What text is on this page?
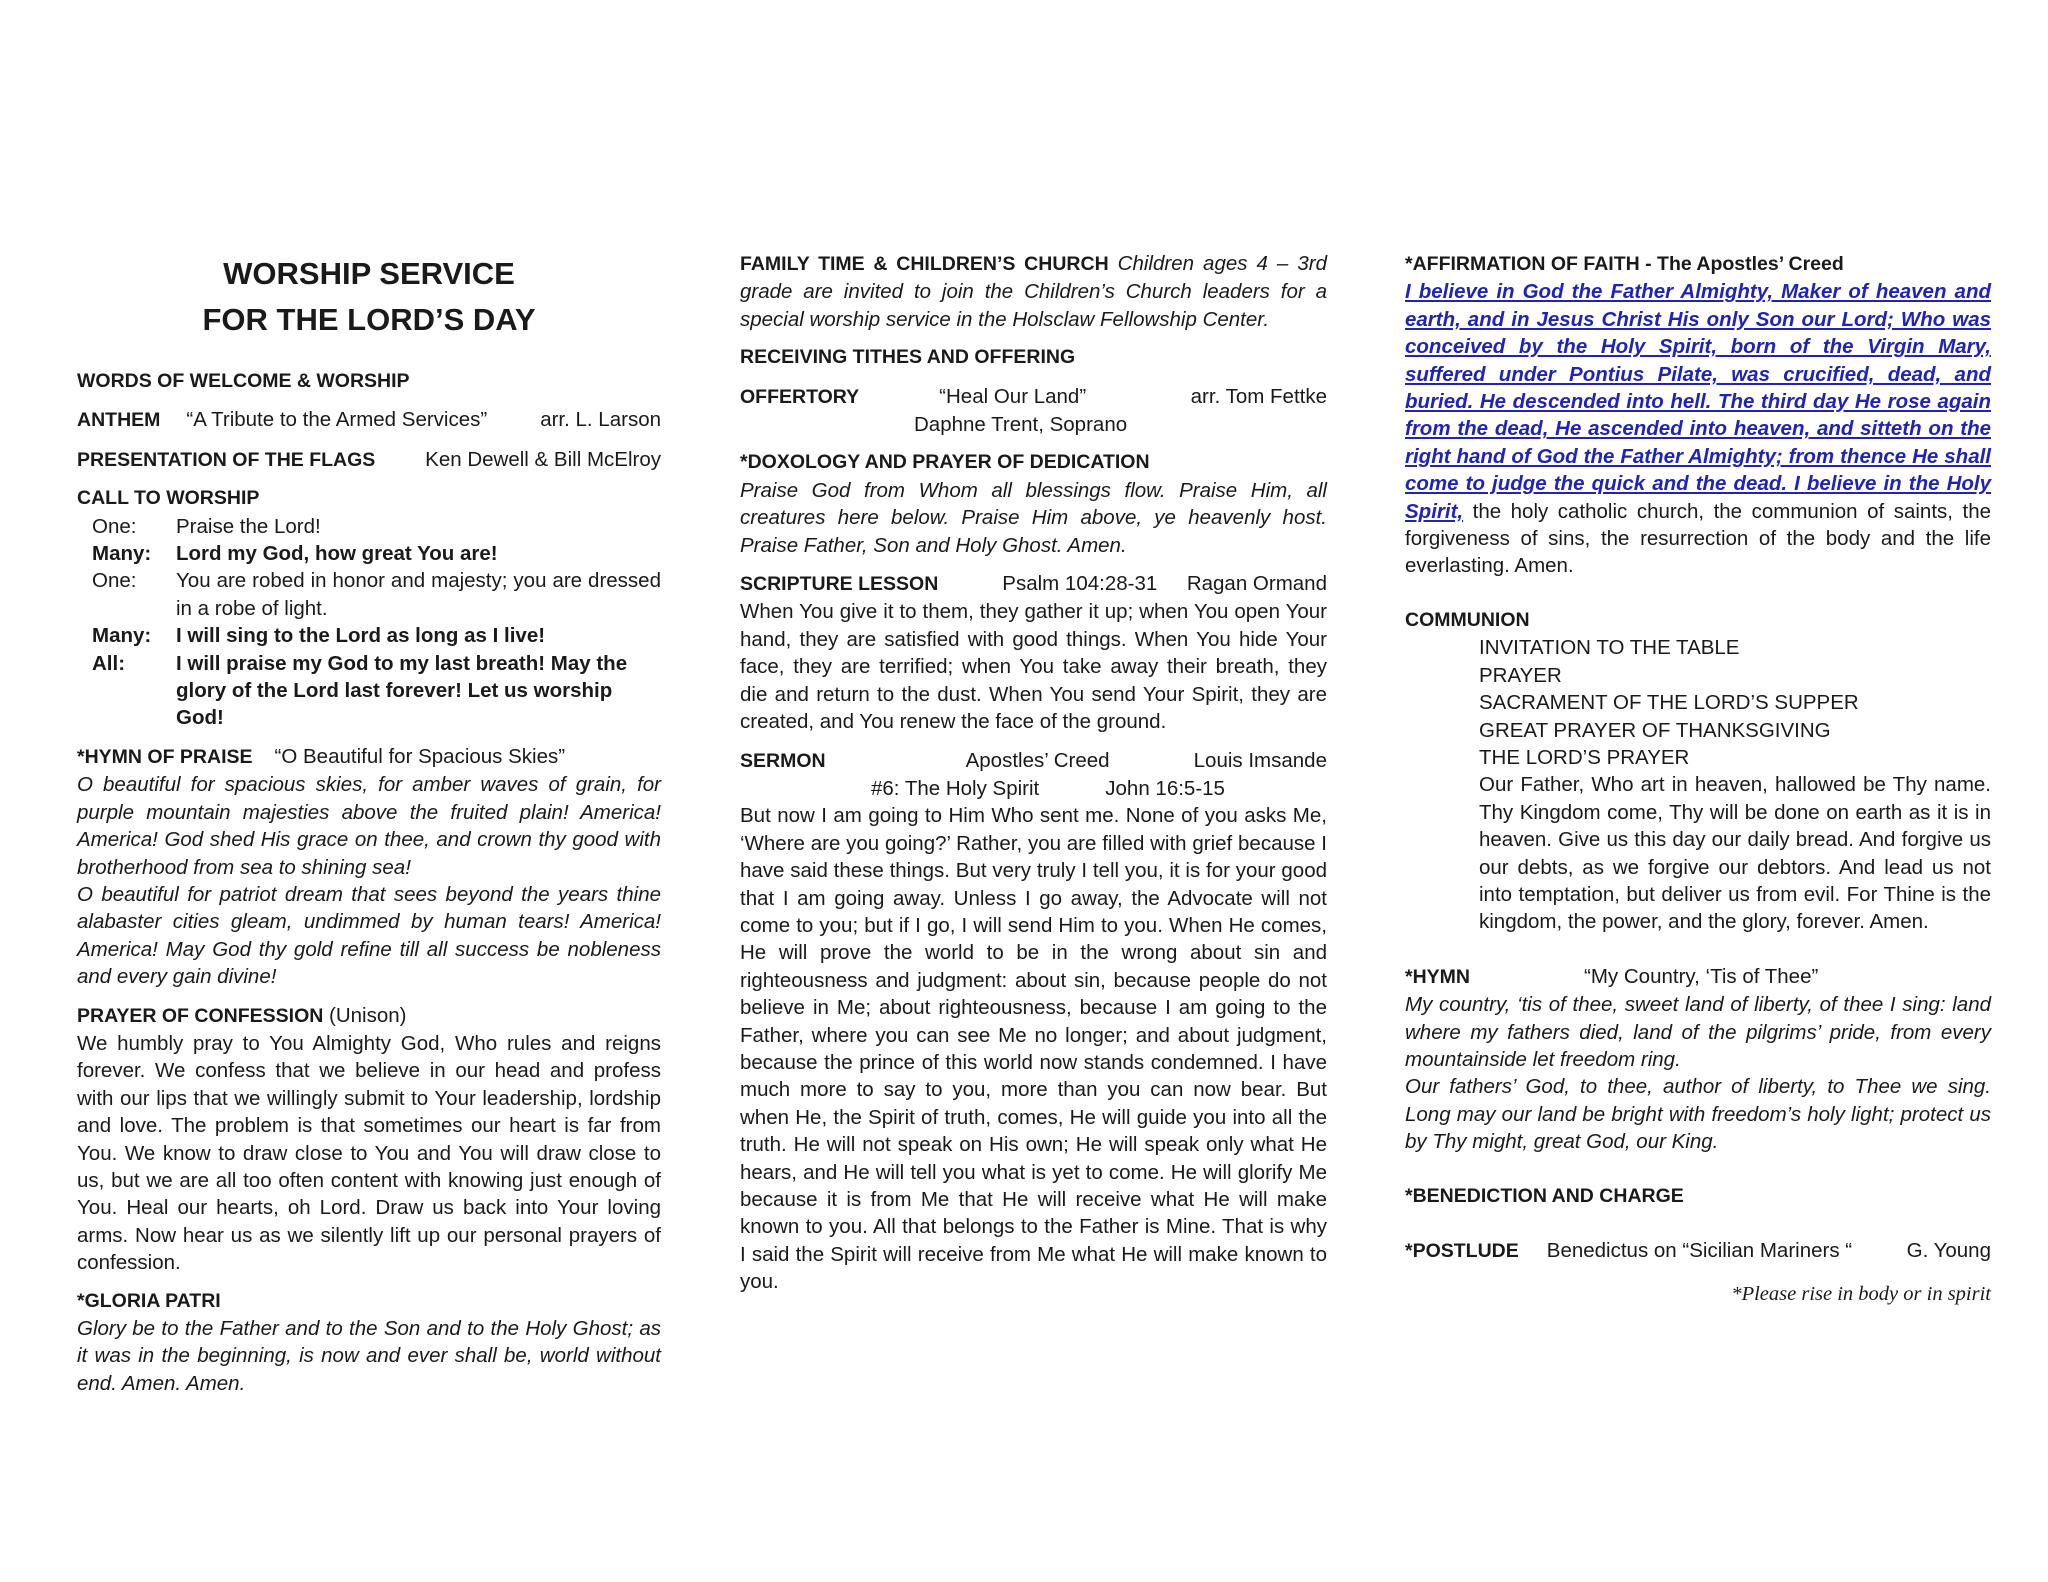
WORSHIP SERVICE

FOR THE LORD’S DAY

WORDS OF WELCOME & WORSHIP

ANTHEM “A Tribute to the Armed Services”	arr. L. Larson
PRESENTATION OF THE FLAGS Ken Dewell & Bill McElroy

CALL TO WORSHIP

One:	Praise the Lord!
Many:	Lord my God, how great You are!
One:	You are robed in honor and majesty; you are dressed in a robe of light.
Many:	I will sing to the Lord as long as I live!
All:	I will praise my God to my last breath! May the glory of the Lord last forever! Let us worship God!
*HYMN OF PRAISE “O Beautiful for Spacious Skies”

O beautiful for spacious skies, for amber waves of grain, for purple mountain majesties above the fruited plain! America! America! God shed His grace on thee, and crown thy good with brotherhood from sea to shining sea!

O beautiful for patriot dream that sees beyond the years thine alabaster cities gleam, undimmed by human tears! America! America! May God thy gold refine till all success be nobleness and every gain divine!

PRAYER OF CONFESSION (Unison)

We humbly pray to You Almighty God, Who rules and reigns forever. We confess that we believe in our head and profess with our lips that we willingly submit to Your leadership, lordship and love. The problem is that sometimes our heart is far from You. We know to draw close to You and You will draw close to us, but we are all too often content with knowing just enough of You. Heal our hearts, oh Lord. Draw us back into Your loving arms. Now hear us as we silently lift up our personal prayers of confession.

*GLORIA PATRI

Glory be to the Father and to the Son and to the Holy Ghost; as it was in the beginning, is now and ever shall be, world without end. Amen. Amen.

FAMILY TIME & CHILDREN’S CHURCH Children ages 4 – 3rd grade are invited to join the Children’s Church leaders for a special worship service in the Holsclaw Fellowship Center.

RECEIVING TITHES AND OFFERING

OFFERTORY	“Heal Our Land”	arr. Tom Fettke

Daphne Trent, Soprano

*DOXOLOGY AND PRAYER OF DEDICATION

Praise God from Whom all blessings flow. Praise Him, all creatures here below. Praise Him above, ye heavenly host. Praise Father, Son and Holy Ghost. Amen.

SCRIPTURE LESSON	Psalm 104:28-31 Ragan Ormand

When You give it to them, they gather it up; when You open Your hand, they are satisfied with good things. When You hide Your face, they are terrified; when You take away their breath, they die and return to the dust. When You send Your Spirit, they are created, and You renew the face of the ground.

SERMON	Apostles’ Creed	Louis Imsande
#6: The Holy Spirit	John 16:5-15

But now I am going to Him Who sent me. None of you asks Me, ‘Where are you going?’ Rather, you are filled with grief because I have said these things. But very truly I tell you, it is for your good that I am going away. Unless I go away, the Advocate will not come to you; but if I go, I will send Him to you. When He comes, He will prove the world to be in the wrong about sin and righteousness and judgment: about sin, because people do not believe in Me; about righteousness, because I am going to the Father, where you can see Me no longer; and about judgment, because the prince of this world now stands condemned. I have much more to say to you, more than you can now bear. But when He, the Spirit of truth, comes, He will guide you into all the truth. He will not speak on His own; He will speak only what He hears, and He will tell you what is yet to come. He will glorify Me because it is from Me that He will receive what He will make known to you. All that belongs to the Father is Mine. That is why I said the Spirit will receive from Me what He will make known to you.

*AFFIRMATION OF FAITH - The Apostles’ Creed

I believe in God the Father Almighty, Maker of heaven and earth, and in Jesus Christ His only Son our Lord; Who was conceived by the Holy Spirit, born of the Virgin Mary, suffered under Pontius Pilate, was crucified, dead, and buried. He descended into hell. The third day He rose again from the dead, He ascended into heaven, and sitteth on the right hand of God the Father Almighty; from thence He shall come to judge the quick and the dead. I believe in the Holy Spirit, the holy catholic church, the communion of saints, the forgiveness of sins, the resurrection of the body and the life everlasting. Amen.

COMMUNION

INVITATION TO THE TABLE

PRAYER

SACRAMENT OF THE LORD’S SUPPER

GREAT PRAYER OF THANKSGIVING

THE LORD’S PRAYER

Our Father, Who art in heaven, hallowed be Thy name. Thy Kingdom come, Thy will be done on earth as it is in heaven. Give us this day our daily bread. And forgive us our debts, as we forgive our debtors. And lead us not into temptation, but deliver us from evil. For Thine is the kingdom, the power, and the glory, forever. Amen.

*HYMN	“My Country, ‘Tis of Thee”

My country, ‘tis of thee, sweet land of liberty, of thee I sing: land where my fathers died, land of the pilgrims’ pride, from every mountainside let freedom ring.

Our fathers’ God, to thee, author of liberty, to Thee we sing. Long may our land be bright with freedom’s holy light; protect us by Thy might, great God, our King.

*BENEDICTION AND CHARGE

*POSTLUDE Benedictus on “Sicilian Mariners “	G. Young

*Please rise in body or in spirit
